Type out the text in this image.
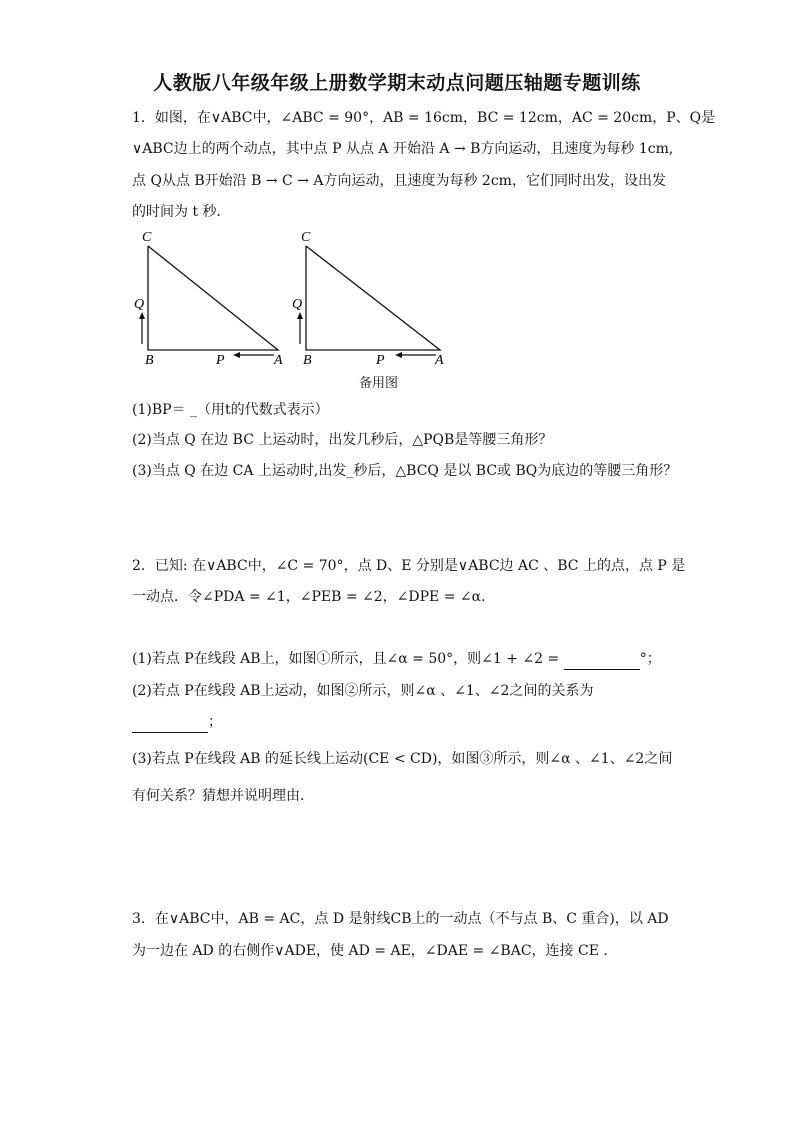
人教版八年级年级上册数学期末动点问题压轴题专题训练
1．如图，在∨ABC中，∠ABC = 90°，AB = 16cm，BC = 12cm，AC = 20cm，P、Q是
∨ABC边上的两个动点，其中点 P 从点 A 开始沿 A → B方向运动，且速度为每秒 1cm,
点 Q从点 B开始沿 B → C → A方向运动，且速度为每秒 2cm，它们同时出发，设出发
的时间为 t 秒．
C
Q
B	P	A
C
Q
B	P	A
备用图
(1)BP＝ _（用t的代数式表示）
(2)当点 Q 在边 BC 上运动时，出发几秒后，△PQB是等腰三角形？
(3)当点 Q 在边 CA 上运动时,出发_秒后，△BCQ 是以 BC或 BQ为底边的等腰三角形？
2．已知: 在∨ABC中，∠C = 70°，点 D、E 分别是∨ABC边 AC 、BC 上的点，点 P 是
一动点．令∠PDA = ∠1，∠PEB = ∠2，∠DPE = ∠α．
(1)若点 P在线段 AB上，如图①所示，且∠α = 50°，则∠1 + ∠2 =	°；
(2)若点 P在线段 AB上运动，如图②所示，则∠α 、∠1、∠2之间的关系为
；
(3)若点 P在线段 AB 的延长线上运动(CE < CD)，如图③所示，则∠α 、∠1、∠2之间
有何关系？猜想并说明理由．
3．在∨ABC中，AB = AC，点 D 是射线CB上的一动点（不与点 B、C 重合)，以 AD
为一边在 AD 的右侧作∨ADE，使 AD = AE，∠DAE = ∠BAC，连接 CE .
